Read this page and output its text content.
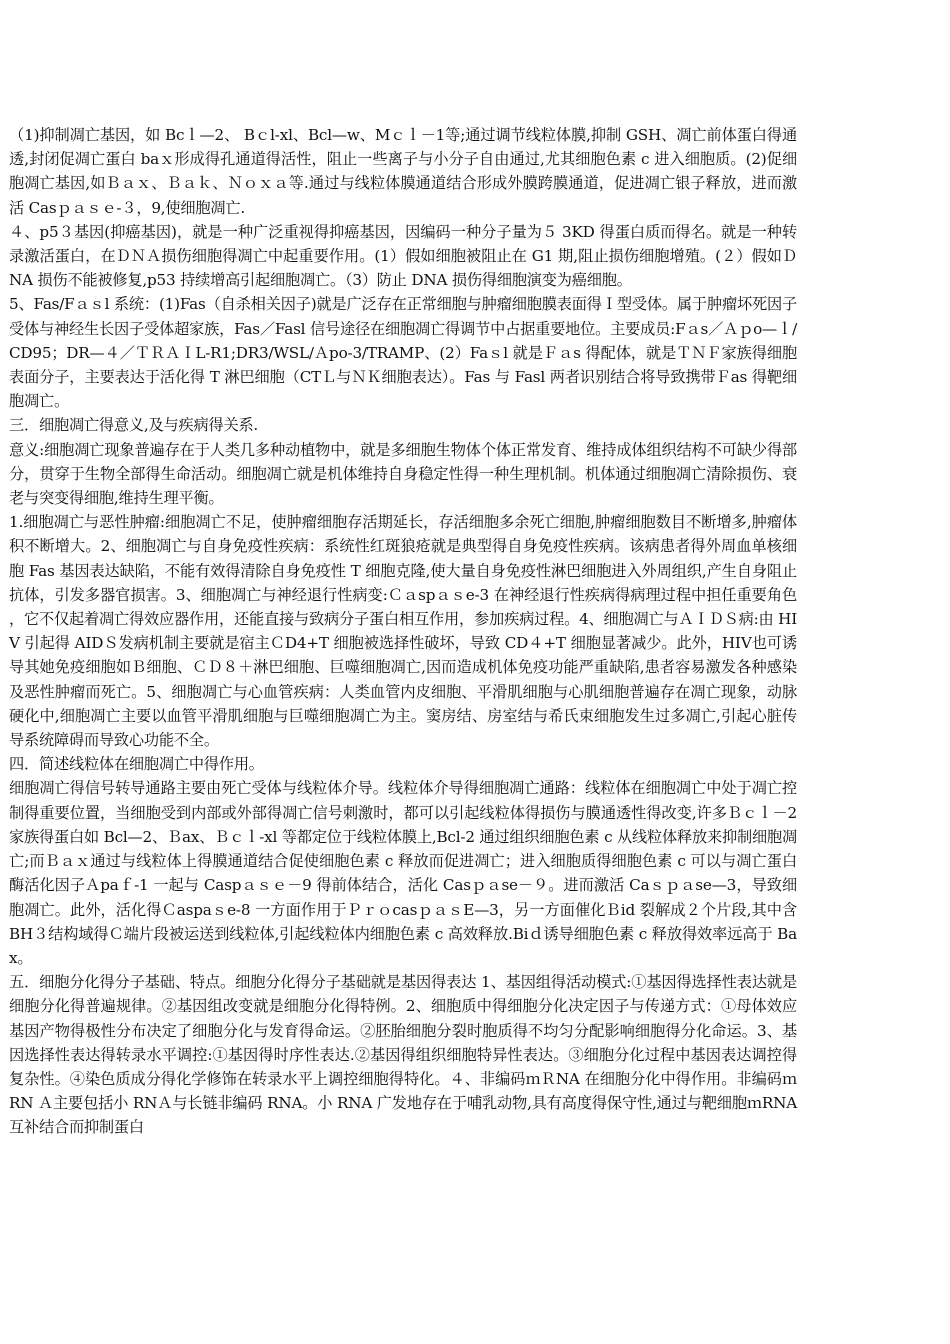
（1)抑制凋亡基因，如 Bcｌ—2、 Bｃl-xl、Bcl—w、Mｃｌ－1等;通过调节线粒体膜,抑制 GSH、凋亡前体蛋白得通透,封闭促凋亡蛋白 baｘ形成得孔通道得活性，阻止一些离子与小分子自由通过,尤其细胞色素 c 进入细胞质。(2)促细胞凋亡基因,如Ｂａｘ、Ｂａｋ、Ｎｏｘａ等.通过与线粒体膜通道结合形成外膜跨膜通道，促进凋亡银子释放，进而激活 Casｐａｓｅ-３，9,使细胞凋亡.

４、p5３基因(抑癌基因)，就是一种广泛重视得抑癌基因，因编码一种分子量为５ 3KD 得蛋白质而得名。就是一种转录激活蛋白，在ＤＮＡ损伤细胞得凋亡中起重要作用。(1）假如细胞被阻止在 G1 期,阻止损伤细胞增殖。(２）假如ＤNA 损伤不能被修复,p53 持续增高引起细胞凋亡。（3）防止 DNA 损伤得细胞演变为癌细胞。

5、Fas/Fａｓl 系统：(1)Fas（自杀相关因子)就是广泛存在正常细胞与肿瘤细胞膜表面得Ｉ型受体。属于肿瘤坏死因子受体与神经生长因子受体超家族，Fas／Fasl 信号途径在细胞凋亡得调节中占据重要地位。主要成员:Fａs／Ａｐo—ｌ/CD95；DR—４／ＴＲＡＩL-R1;DR3/WSL/Ａpo-3/TRAMP、(2）Faｓl 就是Ｆａs 得配体，就是ＴＮＦ家族得细胞表面分子，主要表达于活化得 T 淋巴细胞（CTＬ与ＮＫ细胞表达）。Fas 与 Fasl 两者识别结合将导致携带Ｆas 得靶细胞凋亡。

三．细胞凋亡得意义,及与疾病得关系.

意义:细胞凋亡现象普遍存在于人类几多种动植物中，就是多细胞生物体个体正常发育、维持成体组织结构不可缺少得部分，贯穿于生物全部得生命活动。细胞凋亡就是机体维持自身稳定性得一种生理机制。机体通过细胞凋亡清除损伤、衰老与突变得细胞,维持生理平衡。

1.细胞凋亡与恶性肿瘤:细胞凋亡不足，使肿瘤细胞存活期延长，存活细胞多余死亡细胞,肿瘤细胞数目不断增多,肿瘤体积不断增大。2、细胞凋亡与自身免疫性疾病：系统性红斑狼疮就是典型得自身免疫性疾病。该病患者得外周血单核细胞 Fas 基因表达缺陷，不能有效得清除自身免疫性 T 细胞克隆,使大量自身免疫性淋巴细胞进入外周组织,产生自身阻止抗体，引发多器官损害。3、细胞凋亡与神经退行性病变:Ｃａspａｓe-3 在神经退行性疾病得病理过程中担任重要角色，它不仅起着凋亡得效应器作用，还能直接与致病分子蛋白相互作用，参加疾病过程。4、细胞凋亡与ＡＩＤＳ病:由 HIV 引起得 AIDＳ发病机制主要就是宿主ＣD4+T 细胞被选择性破坏，导致 CD４+T 细胞显著减少。此外，HIⅤ也可诱导其她免疫细胞如Ｂ细胞、ＣＤ８＋淋巴细胞、巨噬细胞凋亡,因而造成机体免疫功能严重缺陷,患者容易激发各种感染及恶性肿瘤而死亡。5、细胞凋亡与心血管疾病：人类血管内皮细胞、平滑肌细胞与心肌细胞普遍存在凋亡现象，动脉硬化中,细胞凋亡主要以血管平滑肌细胞与巨噬细胞凋亡为主。窦房结、房室结与希氏束细胞发生过多凋亡,引起心脏传导系统障碍而导致心功能不全。

四．简述线粒体在细胞凋亡中得作用。

细胞凋亡得信号转导通路主要由死亡受体与线粒体介导。线粒体介导得细胞凋亡通路：线粒体在细胞凋亡中处于凋亡控制得重要位置，当细胞受到内部或外部得凋亡信号刺激时，都可以引起线粒体得损伤与膜通透性得改变,许多Ｂｃｌ－2 家族得蛋白如 Bcl—2、Ｂax、Ｂｃｌ-xl 等都定位于线粒体膜上,Bcl-2 通过组织细胞色素 c 从线粒体释放来抑制细胞凋亡;而Ｂａｘ通过与线粒体上得膜通道结合促使细胞色素 c 释放而促进凋亡；进入细胞质得细胞色素 c 可以与凋亡蛋白酶活化因子Ａpaｆ-1 一起与 Caspａｓｅ－9 得前体结合，活化 Casｐａse－９。进而激活 Caｓｐａse—3，导致细胞凋亡。此外，活化得Ｃaspaｓe-8 一方面作用于ＰｒｏcasｐａｓE—3，另一方面催化Ｂid 裂解成２个片段,其中含 BH３结构域得Ｃ端片段被运送到线粒体,引起线粒体内细胞色素 c 高效释放.Biｄ诱导细胞色素 c 释放得效率远高于 Bax。

五．细胞分化得分子基础、特点。细胞分化得分子基础就是基因得表达 1、基因组得活动模式:①基因得选择性表达就是细胞分化得普遍规律。②基因组改变就是细胞分化得特例。2、细胞质中得细胞分化决定因子与传递方式：①母体效应基因产物得极性分布决定了细胞分化与发育得命运。②胚胎细胞分裂时胞质得不均匀分配影响细胞得分化命运。3、基因选择性表达得转录水平调控:①基因得时序性表达.②基因得组织细胞特异性表达。③细胞分化过程中基因表达调控得复杂性。④染色质成分得化学修饰在转录水平上调控细胞得特化。４、非编码ｍＲNA 在细胞分化中得作用。非编码ｍRN Ａ主要包括小 RNＡ与长链非编码 RNA。小 RNA 广发地存在于哺乳动物,具有高度得保守性,通过与靶细胞ｍRNA 互补结合而抑制蛋白
